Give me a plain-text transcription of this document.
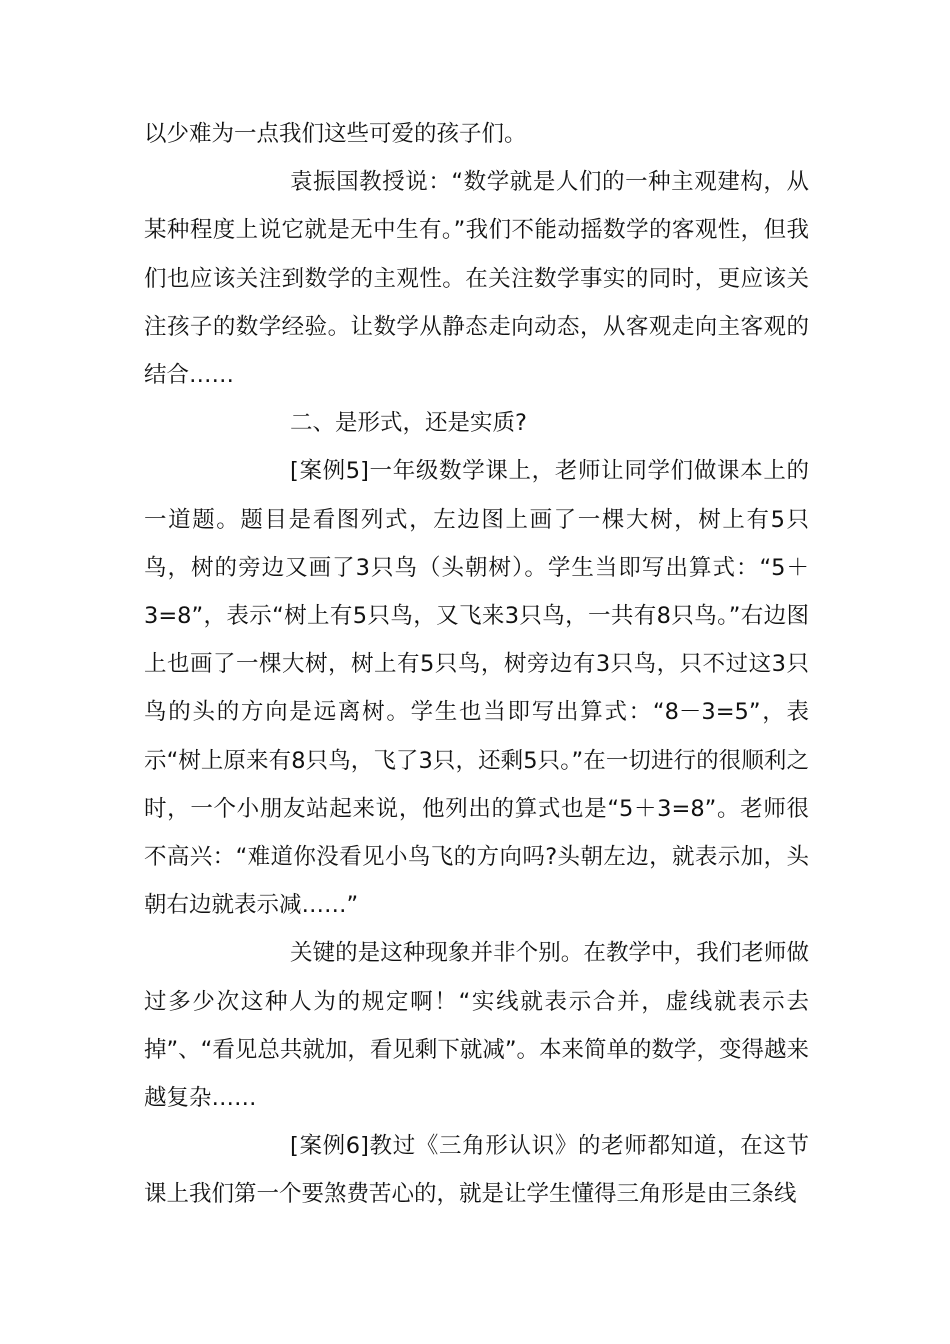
以少难为一点我们这些可爱的孩子们。

袁振国教授说：“数学就是人们的一种主观建构，从某种程度上说它就是无中生有。”我们不能动摇数学的客观性，但我们也应该关注到数学的主观性。在关注数学事实的同时，更应该关注孩子的数学经验。让数学从静态走向动态，从客观走向主客观的结合……

二、是形式，还是实质?

[案例5]一年级数学课上，老师让同学们做课本上的一道题。题目是看图列式，左边图上画了一棵大树，树上有5只鸟，树的旁边又画了3只鸟（头朝树）。学生当即写出算式：“5＋3=8”，表示“树上有5只鸟，又飞来3只鸟，一共有8只鸟。”右边图上也画了一棵大树，树上有5只鸟，树旁边有3只鸟，只不过这3只鸟的头的方向是远离树。学生也当即写出算式：“8－3=5”，表示“树上原来有8只鸟，飞了3只，还剩5只。”在一切进行的很顺利之时，一个小朋友站起来说，他列出的算式也是“5＋3=8”。老师很不高兴：“难道你没看见小鸟飞的方向吗?头朝左边，就表示加，头朝右边就表示减……”

关键的是这种现象并非个别。在教学中，我们老师做过多少次这种人为的规定啊！“实线就表示合并，虚线就表示去掉”、“看见总共就加，看见剩下就减”。本来简单的数学，变得越来越复杂……

[案例6]教过《三角形认识》的老师都知道，在这节课上我们第一个要煞费苦心的，就是让学生懂得三角形是由三条线
